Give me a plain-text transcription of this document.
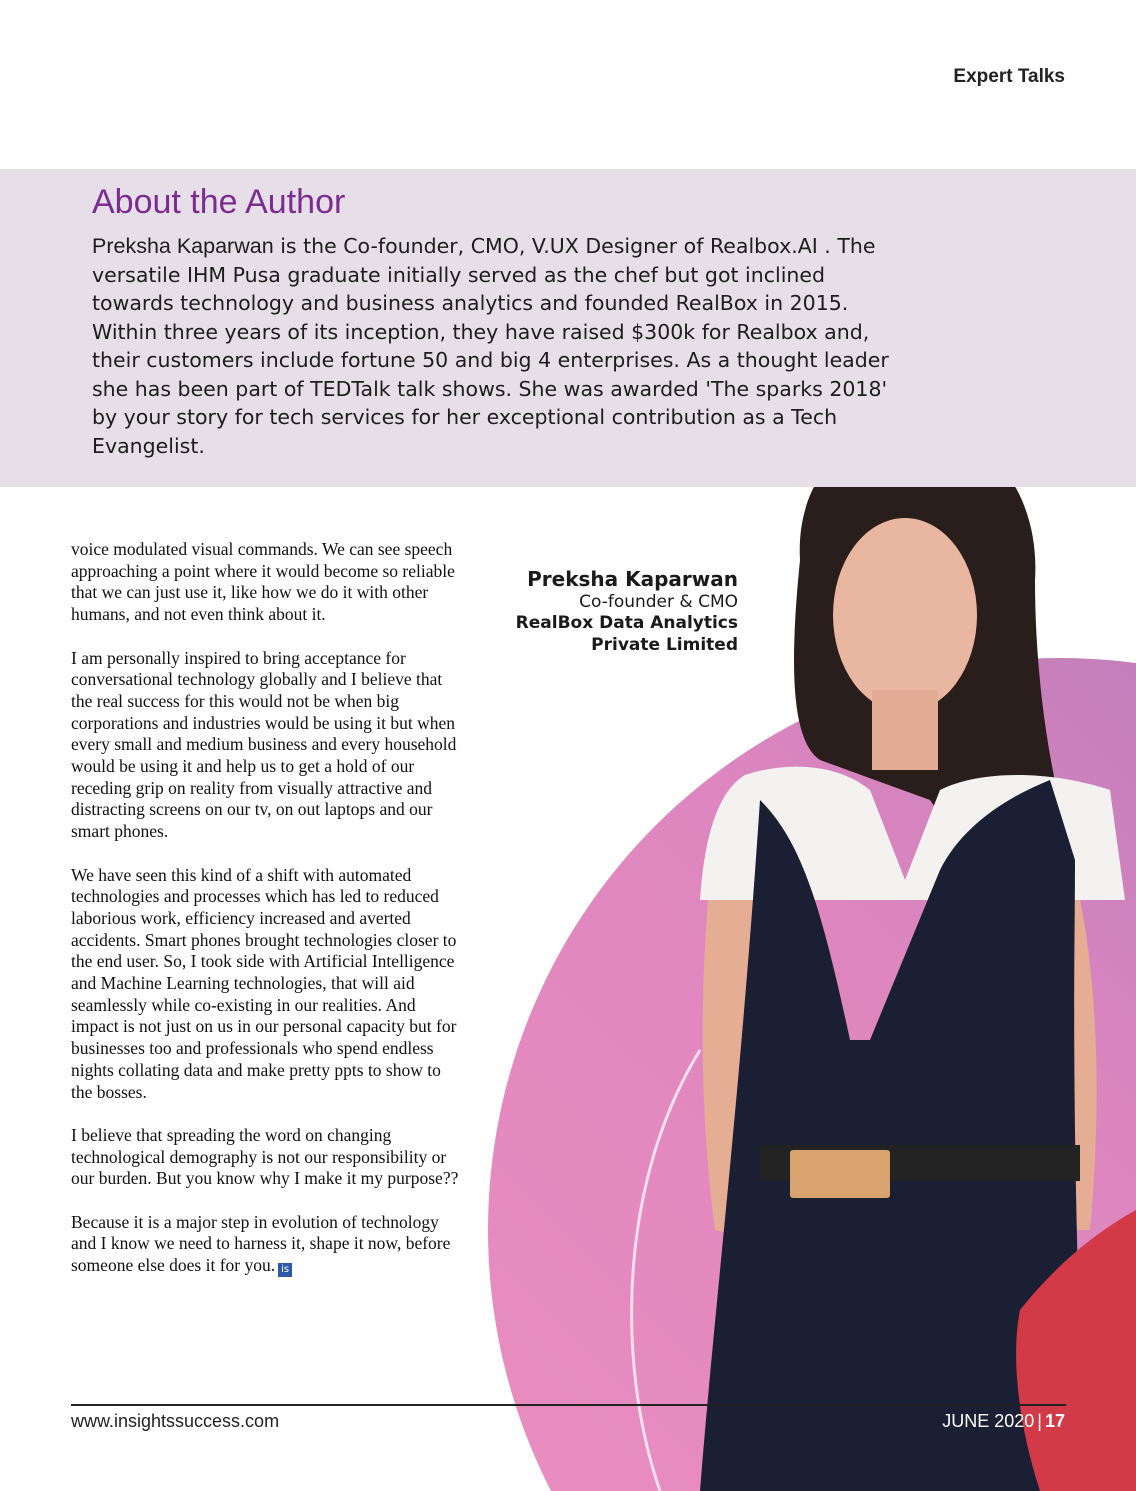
Expert Talks
About the Author

Preksha Kaparwan is the Co-founder, CMO, V.UX Designer of Realbox.AI . The versatile IHM Pusa graduate initially served as the chef but got inclined towards technology and business analytics and founded RealBox in 2015. Within three years of its inception, they have raised $300k for Realbox and, their customers include fortune 50 and big 4 enterprises. As a thought leader she has been part of TEDTalk talk shows. She was awarded 'The sparks 2018' by your story for tech services for her exceptional contribution as a Tech Evangelist.

Preksha Kaparwan
Co-founder & CMO
RealBox Data Analytics Private Limited

voice modulated visual commands. We can see speech approaching a point where it would become so reliable that we can just use it, like how we do it with other humans, and not even think about it.

I am personally inspired to bring acceptance for conversational technology globally and I believe that the real success for this would not be when big corporations and industries would be using it but when every small and medium business and every household would be using it and help us to get a hold of our receding grip on reality from visually attractive and distracting screens on our tv, on out laptops and our smart phones.

We have seen this kind of a shift with automated technologies and processes which has led to reduced laborious work, efficiency increased and averted accidents. Smart phones brought technologies closer to the end user. So, I took side with Artificial Intelligence and Machine Learning technologies, that will aid seamlessly while co-existing in our realities. And impact is not just on us in our personal capacity but for businesses too and professionals who spend endless nights collating data and make pretty ppts to show to the bosses.

I believe that spreading the word on changing technological demography is not our responsibility or our burden. But you know why I make it my purpose??

Because it is a major step in evolution of technology and I know we need to harness it, shape it now, before someone else does it for you. is

www.insightssuccess.com	JUNE 2020 | 17
